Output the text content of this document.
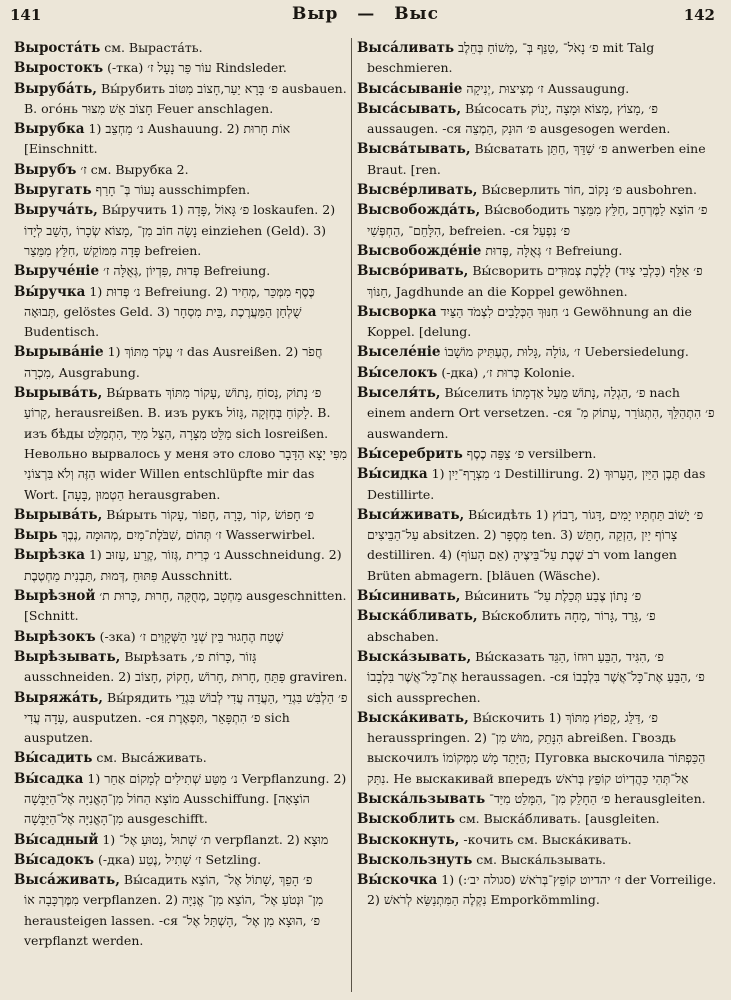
141	Выр — Выс	142

Выростáть см. Вырастáть.

Выростокъ (-тка) עוֹר פַּר נָעָל ז׳ Rindsleder.

Вырубáть, Вы́рубить פ׳ בָּרָא יַעַר,חָצוֹב מִטּוֹב ausbauen. В. огóнь חָצוֹב אֵשׁ מִצּוּר Feuer anschlagen.

Вырубка 1) נ׳ מַחְצֵב Aushauung. 2) אוֹת חָרוּת [Einschnitt.

Вырубъ ז׳ см. Вырубка 2.

Выругать נָעוֹר בְּ־ חָרַף ausschimpfen.

Выручáть, Вы́ручить 1) פ׳ גָּאוֹל ,פָּדָה loskaufen. 2) נָשָׂה חוֹב מִן־ ,מָצוֹא שְׂכָרוֹ ,הָשֵׁב לְיָדוֹ einziehen (Geld). 3) פָּדָה מִמּוֹקֵשׁ ,חִלֵּץ מִמֵּצַר befreien.

Выручéніе פְּדוּת ,פִּדְיוֹן ,גְּאֻלָּה ז׳ Befreiung.

Вы́ручка 1) נ׳ פְּדוּת Befreiung. 2) כֶּסֶף מִמְּכַּר ,מְחִיר ,תְּבוּאָה gelöstes Geld. 3) שֻׁלְחַן הַמַּעֲרֶכֶת ,בֵּית מִסְחָר Budentisch.

Вырывáніе 1) ז׳ עֲקֹר מִתּוֹךְ das Ausreißen. 2) חֲפֹר ,מִכְרָה Ausgrabung.

Вырывáть, Вы́рвать פ׳ נָתוֹק ,נָסוֹחַ ,נָתוֹשׁ ,עָקוֹר מִתּוֹךְ ,קָרוֹעַ herausreißen. В. изъ рукъ לָקוֹחַ בְּחָזְקָה ,גָּזוֹל. В. изъ бѣды מַלֵּט מִצָּרָה ,הַצֵּל מִיַּד ,הִתְמַלֵּט sich losreißen. Невольно вырвалось у меня это слово מִפִּי יָצָא הַדָּבָר הַזֶּה וְלֹא בִּרְצוֹנִי wider Willen entschlüpfte mir das Wort. [הַטְמוּן ,בָּעָה herausgraben.

Вырывáть, Вы́рыть פ׳ חָפוֹשׂ ,קוֹר ,כָּרָה ,חָפוֹר ,עָקוֹר

Вырь ז׳ תְּהוֹם ,שִׁבֹּלֶת־מַיִם ,מְהוּמָה ,נֶבֶךְ Wasserwirbel.

Вырѣзка 1) נ׳ כְּרִית ,גְּזוֹר ,קֶרַע ,עָזוּב Ausschneidung. 2) פִּתּוּחַ ,דְּמוּת ,תַּבְנִית מַחְטֶבֶת Ausschnitt.

Вырѣзной מַחְטָב ,מְחֻקָּה ,חָרוּת ,כָּרוּת ת׳ ausgeschnitten. [Schnitt.

Вырѣзокъ (-зка) שֶׁטַח הֶחָגוּר בֵּין שְׁנֵי הַשְּׁקָוִים ז׳

Вырѣзывать, Вырѣзать ,גָּזוֹר ,כָּרוֹת פ׳ ausschneiden. 2) פַּתֵּחַ ,חָרוּת ,חָרוֹשׁ ,חָקוֹק ,חָצוֹב graviren.

Выряжáть, Вы́рядить פ׳ הַלְבִּשׁ בִּגְדֵי ,הַעֲדֵה עֲדִי לְבוֹשׁ בִּגְדֵי ,עָדָה עֲדִי ausputzen. -ся פ׳ הִתְפָּאֵר ,תִּפְאֶרֶת sich ausputzen.

Вы́садить см. Высáживать.

Вы́садка 1) נ׳ מַטַּע שְׁתִילִים לְמָקוֹם אַחֵר Verpflanzung. 2) מוֹצָא הַחוֹל מִן־הָאֳנִיָּה אֶל־הַיַּבָּשָׁה Ausschiffung. [הוֹצָאָה מִן־הָאֳנִיָּה אֶל־הַיַּבָּשָׁה ausgeschifft.

Вы́садный 1) ת׳ שָׁתוּל ,נָטוּעַ אֶל־ verpflanzt. 2) מוּצָא

Вы́садокъ (-дка) ז׳ שָׁתִיל ,נֶטַע Setzling.

Высáживать, Вы́садить פ׳ הָפֵךְ ,שָׁתוֹל אֶל־ ,הוֹצֵא מִמֶּרְכָּבָה אוֹ verpflanzen. 2) מִן־ וּנְטֹעַ אֶל־ ,הוֹצֵא מִן־ אֱנִיָּה herausteigen lassen. -ся פ׳ ,הוּצָא מִן אֶל־ ,הָשְׁתַּל אֶל־ verpflanzt werden.

Высáливать פ׳ נָאֹל־ ,טַנֵּף בְּ־ ,מָשׁוֹחַ בְּחֵלֶב mit Talg beschmieren.

Высáсываніе ז׳ מְצִיצוּת ,יְנִיקָה Aussaugung.

Высáсывать, Вы́сосать פ׳ ,מָצוֹץ ,מָצוֹא וּמָצָה ,יָנוֹק aussaugen. -ся פ׳ הוּנַק ,הַמְצֵה ausgesogen werden.

Высвáтывать, Вы́сватать פ׳ שַׁדֵּךְ ,חַתֵּן anwerben eine Braut. [ren.

Высвéрливать, Вы́сверлить פ׳ נָקוֹב ,חוֹר ausbohren.

Высвобождáть, Вы́свободить פ׳ הוֹצֵא לַמֶּרְחָב ,חַלֵּץ מִמֵּצַר ,הִלָּחֵם־ ,הַחְפְּשִׁי befreien. -ся פ׳ נִפְעַל

Высвобождéніе ז׳ גְּאֻלָּה ,פְּדוּת Befreiung.

Высвóривать, Вы́сворить פ׳ אַלֵּף (כַּלְבֵי צַיִד) לָלֶכֶת צְמוּדִים ,חַנּוֹךְ Jagdhunde an die Koppel gewöhnen.

Высворка נ׳ חִנּוּךְ הַכְּלָבִים לִצְמֹד הַצַּיִד Gewöhnung an die Koppel. [delung.

Выселéніе ז׳ ,גּוֹלָה ,גָּלוּת ,הֶעְתִּיק מוֹשָׁבוֹ Uebersiedelung.

Вы́селокъ (-дка) ,כְּרוּת ז׳ Kolonie.

Выселя́ть, Вы́селить פ׳ ,הַגְלֵה ,נָתוֹשׁ מֵעַל אַדְמָתוֹ nach einem andern Ort versetzen. -ся פ׳ הִתְהַלֵּךְ ,הִתְגּוֹרֵר ,עָתוֹק מִ־ auswandern.

Вы́серебрить פ׳ צַפֵּה כֶסֶף versilbern.

Вы́сидка 1) נ׳ מִצְרָף־יַיִן Destillirung. 2) תֶּבֶן הַיַּיִן ,הָעָרוּךְ das Destillirte.

Выси́живать, Вы́сидѣть 1) פ׳ יָשׁוֹב תַּחְתָּיו יָמִים ,דָּגוֹר ,רָבוֹץ עַל־הַבֵּיצִים absitzen. 2) מִסְפָּר ten. 3) צָרוֹף יַיִן ,הַזְקֵה ,חָתֵּשׁ destilliren. 4) רֹב שֶׁבֶת עַל־בֵּיצֶיהָ (אֵם הָעוֹף) vom langen Brüten abmagern. [bläuen (Wäsche).

Вы́синивать, Вы́синить פ׳ נָתוֹן צֶבַע תְּכֵלֶת עַל־

Выскáбливать, Вы́скоблить פ׳ ,גָּרֵד ,גָּרוֹר ,מָחָה abschaben.

Выскáзывать, Вы́сказать פ׳ ,הִגִּיד ,הַבֵּעַ רוּחוֹ ,הַגֵּד אֶת־כָּל־אֲשֶׁר בִּלְבָבוֹ heraussagen. -ся פ׳ ,הַבֵּעַ אֶת־כָּל־אֲשֶׁר בִּלְבָבוֹ sich aussprechen.

Выскáкивать, Вы́скочить 1) פ׳ ,דַּלֵּג ,קָפוֹץ מִתּוֹךְ herausspringen. 2) הִנָּתֵק ,מוּשׁ מִן־ abreißen. Гвоздь выскочилъ הַיָּתֵד מָשׁ מִמְּקוֹמוֹ; Пуговка выскочила הַכַּפְתּוֹר נִתַּק. Не выскакивай впередъ אַל־תְּהִי כַּהֲדְיוֹט קוֹפֵץ בְּרֹאשׁ

Выскáльзывать פ׳ הַחָלֵק מִן־ ,הִמָּלֵט מִיַּד־ herausgleiten.

Выскоблить см. Выскáбливать. [ausgleiten.

Выскокнуть, -кочить см. Выскáкивать.

Выскользнуть см. Выскáльзывать.

Вы́скочка 1) ז׳ יהדיוט קוֹפֵץ־בְּרֹאשׁ (סגולה יב׳:) der Vorreilige. 2) נִקְלֶה הַמִּתְנַשֵּׂא לְרֹאשׁ Emporkömmling.
